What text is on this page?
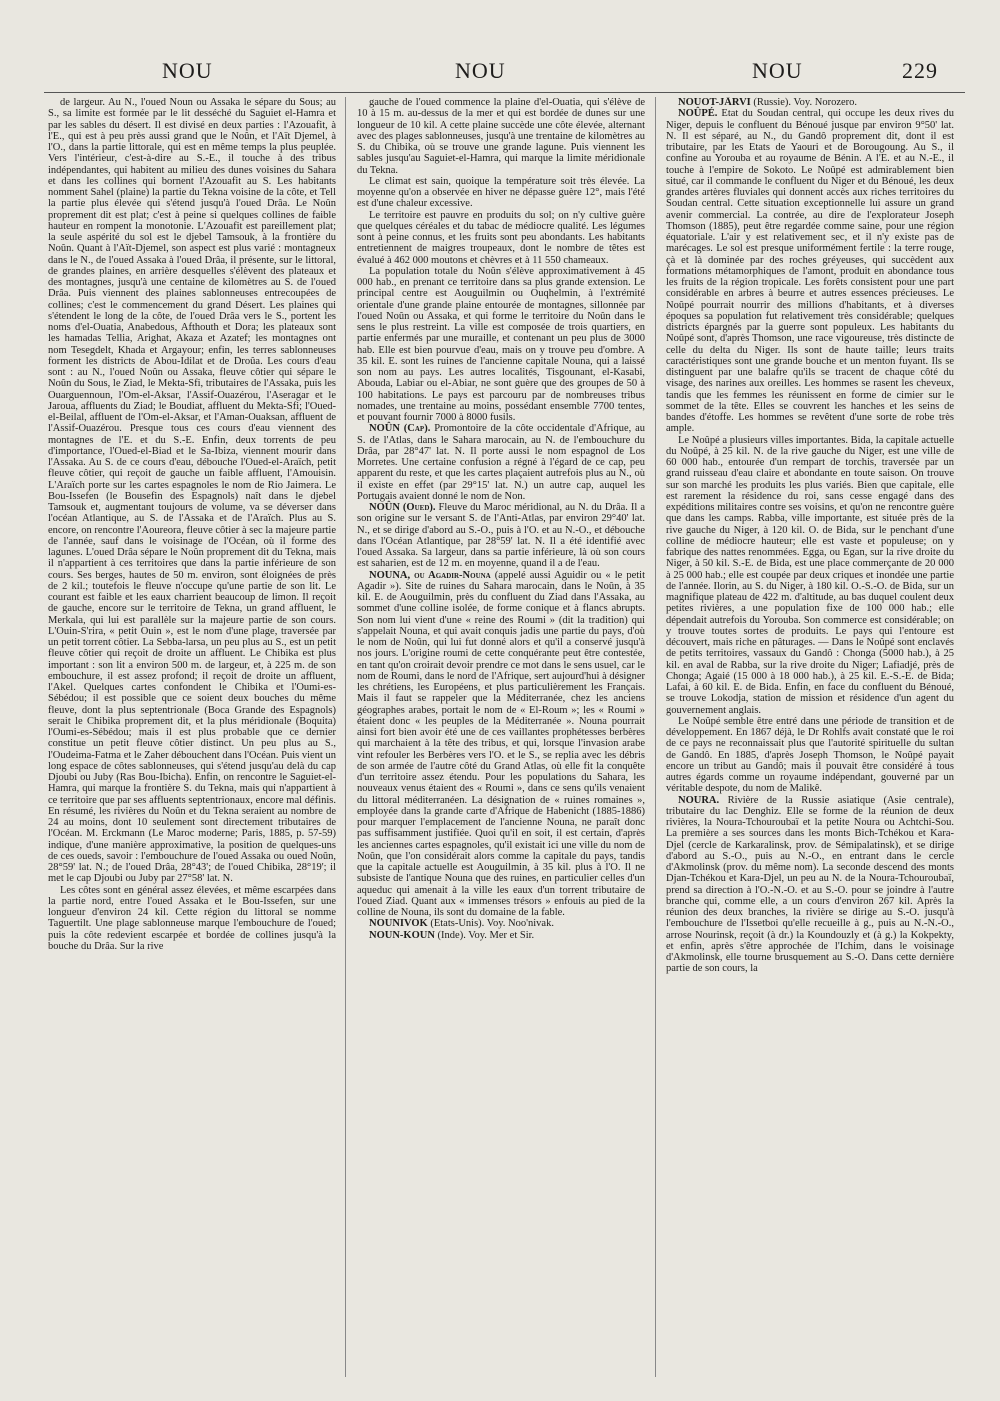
NOU	NOU	NOU	229

de largeur. Au N., l'oued Noun ou Assaka le sépare du Sous; au S., sa limite est formée par le lit desséché du Saguiet el-Hamra et par les sables du désert. Il est divisé en deux parties : l'Azouafit, à l'E., qui est à peu près aussi grand que le Noûn, et l'Aït Djemel, à l'O., dans la partie littorale, qui est en même temps la plus peuplée. Vers l'intérieur, c'est-à-dire au S.-E., il touche à des tribus indépendantes, qui habitent au milieu des dunes voisines du Sahara et dans les collines qui bornent l'Azouafit au S. Les habitants nomment Sahel (plaine) la partie du Tekna voisine de la côte, et Tell la partie plus élevée qui s'étend jusqu'à l'oued Drâa. Le Noûn proprement dit est plat; c'est à peine si quelques collines de faible hauteur en rompent la monotonie. L'Azouafit est pareillement plat; la seule aspérité du sol est le djebel Tamsouk, à la frontière du Noûn. Quant à l'Aït-Djemel, son aspect est plus varié : montagneux dans le N., de l'oued Assaka à l'oued Drâa, il présente, sur le littoral, de grandes plaines, en arrière desquelles s'élèvent des plateaux et des montagnes, jusqu'à une centaine de kilomètres au S. de l'oued Drâa. Puis viennent des plaines sablonneuses entrecoupées de collines; c'est le commencement du grand Désert. Les plaines qui s'étendent le long de la côte, de l'oued Drâa vers le S., portent les noms d'el-Ouatia, Anabedous, Afthouth et Dora; les plateaux sont les hamadas Tellia, Arighat, Akaza et Azatef; les montagnes ont nom Tesegdelt, Khada et Argayour; enfin, les terres sablonneuses forment les districts de Abou-Idilat et de Droûa. Les cours d'eau sont : au N., l'oued Noûn ou Assaka, fleuve côtier qui sépare le Noûn du Sous, le Ziad, le Mekta-Sfi, tributaires de l'Assaka, puis les Ouarguennoun, l'Om-el-Aksar, l'Assif-Ouazérou, l'Aseragar et le Jaroua, affluents du Ziad; le Boudiat, affluent du Mekta-Sfi; l'Oued-el-Beilal, affluent de l'Om-el-Aksar, et l'Aman-Ouaksan, affluent de l'Assif-Ouazérou. Presque tous ces cours d'eau viennent des montagnes de l'E. et du S.-E. Enfin, deux torrents de peu d'importance, l'Oued-el-Biad et le Sa-Ibiza, viennent mourir dans l'Assaka. Au S. de ce cours d'eau, débouche l'Oued-el-Araïch, petit fleuve côtier, qui reçoit de gauche un faible affluent, l'Amouisin. L'Araïch porte sur les cartes espagnoles le nom de Rio Jaimera. Le Bou-Issefen (le Bousefin des Espagnols) naît dans le djebel Tamsouk et, augmentant toujours de volume, va se déverser dans l'océan Atlantique, au S. de l'Assaka et de l'Araïch. Plus au S. encore, on rencontre l'Aoureora, fleuve côtier à sec la majeure partie de l'année, sauf dans le voisinage de l'Océan, où il forme des lagunes. L'oued Drâa sépare le Noûn proprement dit du Tekna, mais il n'appartient à ces territoires que dans la partie inférieure de son cours. Ses berges, hautes de 50 m. environ, sont éloignées de près de 2 kil.; toutefois le fleuve n'occupe qu'une partie de son lit. Le courant est faible et les eaux charrient beaucoup de limon. Il reçoit de gauche, encore sur le territoire de Tekna, un grand affluent, le Merkala, qui lui est parallèle sur la majeure partie de son cours. L'Ouin-S'rira, « petit Ouin », est le nom d'une plage, traversée par un petit torrent côtier. La Sebba-larsa, un peu plus au S., est un petit fleuve côtier qui reçoit de droite un affluent. Le Chibika est plus important : son lit a environ 500 m. de largeur, et, à 225 m. de son embouchure, il est assez profond; il reçoit de droite un affluent, l'Akel. Quelques cartes confondent le Chibika et l'Oumi-es-Sébédou; il est possible que ce soient deux bouches du même fleuve, dont la plus septentrionale (Boca Grande des Espagnols) serait le Chibika proprement dit, et la plus méridionale (Boquita) l'Oumi-es-Sébédou; mais il est plus probable que ce dernier constitue un petit fleuve côtier distinct. Un peu plus au S., l'Oudeima-Fatma et le Zaher débouchent dans l'Océan. Puis vient un long espace de côtes sablonneuses, qui s'étend jusqu'au delà du cap Djoubi ou Juby (Ras Bou-Ibicha). Enfin, on rencontre le Saguiet-el-Hamra, qui marque la frontière S. du Tekna, mais qui n'appartient à ce territoire que par ses affluents septentrionaux, encore mal définis. En résumé, les rivières du Noûn et du Tekna seraient au nombre de 24 au moins, dont 10 seulement sont directement tributaires de l'Océan. M. Erckmann (Le Maroc moderne; Paris, 1885, p. 57-59) indique, d'une manière approximative, la position de quelques-uns de ces oueds, savoir : l'embouchure de l'oued Assaka ou oued Noûn, 28°59' lat. N.; de l'oued Drâa, 28°43'; de l'oued Chibika, 28°19'; il met le cap Djoubi ou Juby par 27°58' lat. N.

Les côtes sont en général assez élevées, et même escarpées dans la partie nord, entre l'oued Assaka et le Bou-Issefen, sur une longueur d'environ 24 kil. Cette région du littoral se nomme Taguertilt. Une plage sablonneuse marque l'embouchure de l'oued; puis la côte redevient escarpée et bordée de collines jusqu'à la bouche du Drâa. Sur la rive

gauche de l'oued commence la plaine d'el-Ouatia, qui s'élève de 10 à 15 m. au-dessus de la mer et qui est bordée de dunes sur une longueur de 10 kil. A cette plaine succède une côte élevée, alternant avec des plages sablonneuses, jusqu'à une trentaine de kilomètres au S. du Chibika, où se trouve une grande lagune. Puis viennent les sables jusqu'au Saguiet-el-Hamra, qui marque la limite méridionale du Tekna.

Le climat est sain, quoique la température soit très élevée. La moyenne qu'on a observée en hiver ne dépasse guère 12°, mais l'été est d'une chaleur excessive.

Le territoire est pauvre en produits du sol; on n'y cultive guère que quelques céréales et du tabac de médiocre qualité. Les légumes sont à peine connus, et les fruits sont peu abondants. Les habitants entretiennent de maigres troupeaux, dont le nombre de têtes est évalué à 462 000 moutons et chèvres et à 11 550 chameaux.

La population totale du Noûn s'élève approximativement à 45 000 hab., en prenant ce territoire dans sa plus grande extension. Le principal centre est Aouguilmin ou Ouqhelmin, à l'extrémité orientale d'une grande plaine entourée de montagnes, sillonnée par l'oued Noûn ou Assaka, et qui forme le territoire du Noûn dans le sens le plus restreint. La ville est composée de trois quartiers, en partie enfermés par une muraille, et contenant un peu plus de 3000 hab. Elle est bien pourvue d'eau, mais on y trouve peu d'ombre. A 35 kil. E. sont les ruines de l'ancienne capitale Nouna, qui a laissé son nom au pays. Les autres localités, Tisgounant, el-Kasabi, Abouda, Labiar ou el-Abiar, ne sont guère que des groupes de 50 à 100 habitations. Le pays est parcouru par de nombreuses tribus nomades, une trentaine au moins, possédant ensemble 7700 tentes, et pouvant fournir 7000 à 8000 fusils.

NOÛN (Cap). Promontoire de la côte occidentale d'Afrique, au S. de l'Atlas, dans le Sahara marocain, au N. de l'embouchure du Drâa, par 28°47' lat. N. Il porte aussi le nom espagnol de Los Morretes. Une certaine confusion a régné à l'égard de ce cap, peu apparent du reste, et que les cartes plaçaient autrefois plus au N., où il existe en effet (par 29°15' lat. N.) un autre cap, auquel les Portugais avaient donné le nom de Non.

NOÛN (Oued). Fleuve du Maroc méridional, au N. du Drâa. Il a son origine sur le versant S. de l'Anti-Atlas, par environ 29°40' lat. N., et se dirige d'abord au S.-O., puis à l'O. et au N.-O., et débouche dans l'Océan Atlantique, par 28°59' lat. N. Il a été identifié avec l'oued Assaka. Sa largeur, dans sa partie inférieure, là où son cours est saharien, est de 12 m. en moyenne, quand il a de l'eau.

NOUNA, ou Agadir-Nouna (appelé aussi Aguidir ou « le petit Agadir »). Site de ruines du Sahara marocain, dans le Noûn, à 35 kil. E. de Aouguilmin, près du confluent du Ziad dans l'Assaka, au sommet d'une colline isolée, de forme conique et à flancs abrupts. Son nom lui vient d'une « reine des Roumi » (dit la tradition) qui s'appelait Nouna, et qui avait conquis jadis une partie du pays, d'où le nom de Noûn, qui lui fut donné alors et qu'il a conservé jusqu'à nos jours. L'origine roumi de cette conquérante peut être contestée, en tant qu'on croirait devoir prendre ce mot dans le sens usuel, car le nom de Roumi, dans le nord de l'Afrique, sert aujourd'hui à désigner les chrétiens, les Européens, et plus particulièrement les Français. Mais il faut se rappeler que la Méditerranée, chez les anciens géographes arabes, portait le nom de « El-Roum »; les « Roumi » étaient donc « les peuples de la Méditerranée ». Nouna pourrait ainsi fort bien avoir été une de ces vaillantes prophétesses berbères qui marchaient à la tête des tribus, et qui, lorsque l'invasion arabe vint refouler les Berbères vers l'O. et le S., se replia avec les débris de son armée de l'autre côté du Grand Atlas, où elle fit la conquête d'un territoire assez étendu. Pour les populations du Sahara, les nouveaux venus étaient des « Roumi », dans ce sens qu'ils venaient du littoral méditerranéen. La désignation de « ruines romaines », employée dans la grande carte d'Afrique de Habenicht (1885-1886) pour marquer l'emplacement de l'ancienne Nouna, ne paraît donc pas suffisamment justifiée. Quoi qu'il en soit, il est certain, d'après les anciennes cartes espagnoles, qu'il existait ici une ville du nom de Noûn, que l'on considérait alors comme la capitale du pays, tandis que la capitale actuelle est Aouguilmin, à 35 kil. plus à l'O. Il ne subsiste de l'antique Nouna que des ruines, en particulier celles d'un aqueduc qui amenait à la ville les eaux d'un torrent tributaire de l'oued Ziad. Quant aux « immenses trésors » enfouis au pied de la colline de Nouna, ils sont du domaine de la fable.

NOUNIVOK (Etats-Unis). Voy. Noo'nivak.

NOUN-KOUN (Inde). Voy. Mer et Sir.

NOUOT-JÄRVI (Russie). Voy. Norozero.

NOÛPÉ. Etat du Soudan central, qui occupe les deux rives du Niger, depuis le confluent du Bénoué jusque par environ 9°50' lat. N. Il est séparé, au N., du Gandô proprement dit, dont il est tributaire, par les Etats de Yaouri et de Borougoung. Au S., il confine au Yorouba et au royaume de Bénin. A l'E. et au N.-E., il touche à l'empire de Sokoto. Le Noûpé est admirablement bien situé, car il commande le confluent du Niger et du Bénoué, les deux grandes artères fluviales qui donnent accès aux riches territoires du Soudan central. Cette situation exceptionnelle lui assure un grand avenir commercial. La contrée, au dire de l'explorateur Joseph Thomson (1885), peut être regardée comme saine, pour une région équatoriale. L'air y est relativement sec, et il n'y existe pas de marécages. Le sol est presque uniformément fertile : la terre rouge, çà et là dominée par des roches gréyeuses, qui succèdent aux formations métamorphiques de l'amont, produit en abondance tous les fruits de la région tropicale. Les forêts consistent pour une part considérable en arbres à beurre et autres essences précieuses. Le Noûpé pourrait nourrir des millions d'habitants, et à diverses époques sa population fut relativement très considérable; quelques districts épargnés par la guerre sont populeux. Les habitants du Noûpé sont, d'après Thomson, une race vigoureuse, très distincte de celle du delta du Niger. Ils sont de haute taille; leurs traits caractéristiques sont une grande bouche et un menton fuyant. Ils se distinguent par une balafre qu'ils se tracent de chaque côté du visage, des narines aux oreilles. Les hommes se rasent les cheveux, tandis que les femmes les réunissent en forme de cimier sur le sommet de la tête. Elles se couvrent les hanches et les seins de bandes d'étoffe. Les hommes se revêtent d'une sorte de robe très ample.

Le Noûpé a plusieurs villes importantes. Bida, la capitale actuelle du Noûpé, à 25 kil. N. de la rive gauche du Niger, est une ville de 60 000 hab., entourée d'un rempart de torchis, traversée par un grand ruisseau d'eau claire et abondante en toute saison. On trouve sur son marché les produits les plus variés. Bien que capitale, elle est rarement la résidence du roi, sans cesse engagé dans des expéditions militaires contre ses voisins, et qu'on ne rencontre guère que dans les camps. Rabba, ville importante, est située près de la rive gauche du Niger, à 120 kil. O. de Bida, sur le penchant d'une colline de médiocre hauteur; elle est vaste et populeuse; on y fabrique des nattes renommées. Egga, ou Egan, sur la rive droite du Niger, à 50 kil. S.-E. de Bida, est une place commerçante de 20 000 à 25 000 hab.; elle est coupée par deux criques et inondée une partie de l'année. Ilorin, au S. du Niger, à 180 kil. O.-S.-O. de Bida, sur un magnifique plateau de 422 m. d'altitude, au bas duquel coulent deux petites rivières, a une population fixe de 100 000 hab.; elle dépendait autrefois du Yorouba. Son commerce est considérable; on y trouve toutes sortes de produits. Le pays qui l'entoure est découvert, mais riche en pâturages. — Dans le Noûpé sont enclavés de petits territoires, vassaux du Gandô : Chonga (5000 hab.), à 25 kil. en aval de Rabba, sur la rive droite du Niger; Lafiadjé, près de Chonga; Agaié (15 000 à 18 000 hab.), à 25 kil. E.-S.-E. de Bida; Lafai, à 60 kil. E. de Bida. Enfin, en face du confluent du Bénoué, se trouve Lokodja, station de mission et résidence d'un agent du gouvernement anglais.

Le Noûpé semble être entré dans une période de transition et de développement. En 1867 déjà, le Dr Rohlfs avait constaté que le roi de ce pays ne reconnaissait plus que l'autorité spirituelle du sultan de Gandô. En 1885, d'après Joseph Thomson, le Noûpé payait encore un tribut au Gandô; mais il pouvait être considéré à tous autres égards comme un royaume indépendant, gouverné par un véritable despote, du nom de Malikê.

NOURA. Rivière de la Russie asiatique (Asie centrale), tributaire du lac Denghiz. Elle se forme de la réunion de deux rivières, la Noura-Tchouroubaï et la petite Noura ou Achtchi-Sou. La première a ses sources dans les monts Bich-Tchékou et Kara-Djel (cercle de Karkaralinsk, prov. de Sémipalatinsk), et se dirige d'abord au S.-O., puis au N.-O., en entrant dans le cercle d'Akmolinsk (prov. du même nom). La seconde descend des monts Djan-Tchékou et Kara-Djel, un peu au N. de la Noura-Tchouroubaï, prend sa direction à l'O.-N.-O. et au S.-O. pour se joindre à l'autre branche qui, comme elle, a un cours d'environ 267 kil. Après la réunion des deux branches, la rivière se dirige au S.-O. jusqu'à l'embouchure de l'Issetboi qu'elle recueille à g., puis au N.-N.-O., arrose Nourinsk, reçoit (à dr.) la Koundouzly et (à g.) la Kokpekty, et enfin, après s'être approchée de l'Ichim, dans le voisinage d'Akmolinsk, elle tourne brusquement au S.-O. Dans cette dernière partie de son cours, la
